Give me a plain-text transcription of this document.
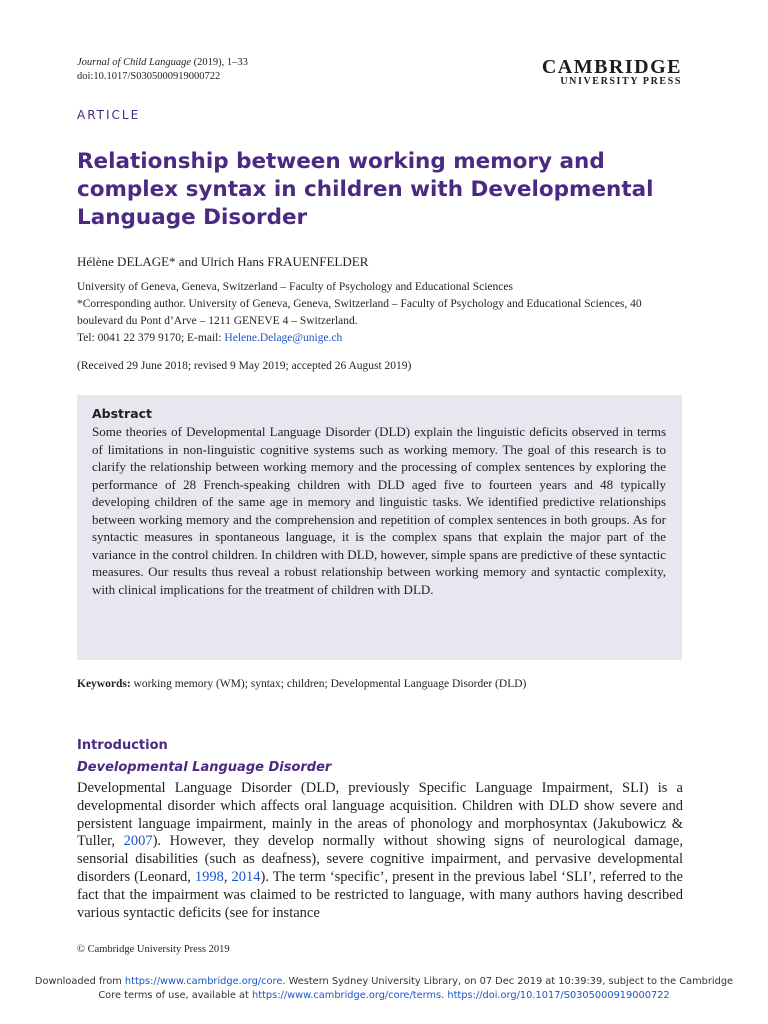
Journal of Child Language (2019), 1–33
doi:10.1017/S0305000919000722	CAMBRIDGE
UNIVERSITY PRESS
ARTICLE
Relationship between working memory and complex syntax in children with Developmental Language Disorder
Hélène DELAGE* and Ulrich Hans FRAUENFELDER
University of Geneva, Geneva, Switzerland – Faculty of Psychology and Educational Sciences
*Corresponding author. University of Geneva, Geneva, Switzerland – Faculty of Psychology and Educational Sciences, 40 boulevard du Pont d’Arve – 1211 GENEVE 4 – Switzerland.
Tel: 0041 22 379 9170; E-mail: Helene.Delage@unige.ch
(Received 29 June 2018; revised 9 May 2019; accepted 26 August 2019)
Abstract
Some theories of Developmental Language Disorder (DLD) explain the linguistic deficits observed in terms of limitations in non-linguistic cognitive systems such as working memory. The goal of this research is to clarify the relationship between working memory and the processing of complex sentences by exploring the performance of 28 French-speaking children with DLD aged five to fourteen years and 48 typically developing children of the same age in memory and linguistic tasks. We identified predictive relationships between working memory and the comprehension and repetition of complex sentences in both groups. As for syntactic measures in spontaneous language, it is the complex spans that explain the major part of the variance in the control children. In children with DLD, however, simple spans are predictive of these syntactic measures. Our results thus reveal a robust relationship between working memory and syntactic complexity, with clinical implications for the treatment of children with DLD.
Keywords: working memory (WM); syntax; children; Developmental Language Disorder (DLD)
Introduction
Developmental Language Disorder
Developmental Language Disorder (DLD, previously Specific Language Impairment, SLI) is a developmental disorder which affects oral language acquisition. Children with DLD show severe and persistent language impairment, mainly in the areas of phonology and morphosyntax (Jakubowicz & Tuller, 2007). However, they develop normally without showing signs of neurological damage, sensorial disabilities (such as deafness), severe cognitive impairment, and pervasive developmental disorders (Leonard, 1998, 2014). The term ‘specific’, present in the previous label ‘SLI’, referred to the fact that the impairment was claimed to be restricted to language, with many authors having described various syntactic deficits (see for instance
© Cambridge University Press 2019
Downloaded from https://www.cambridge.org/core. Western Sydney University Library, on 07 Dec 2019 at 10:39:39, subject to the Cambridge
Core terms of use, available at https://www.cambridge.org/core/terms. https://doi.org/10.1017/S0305000919000722
